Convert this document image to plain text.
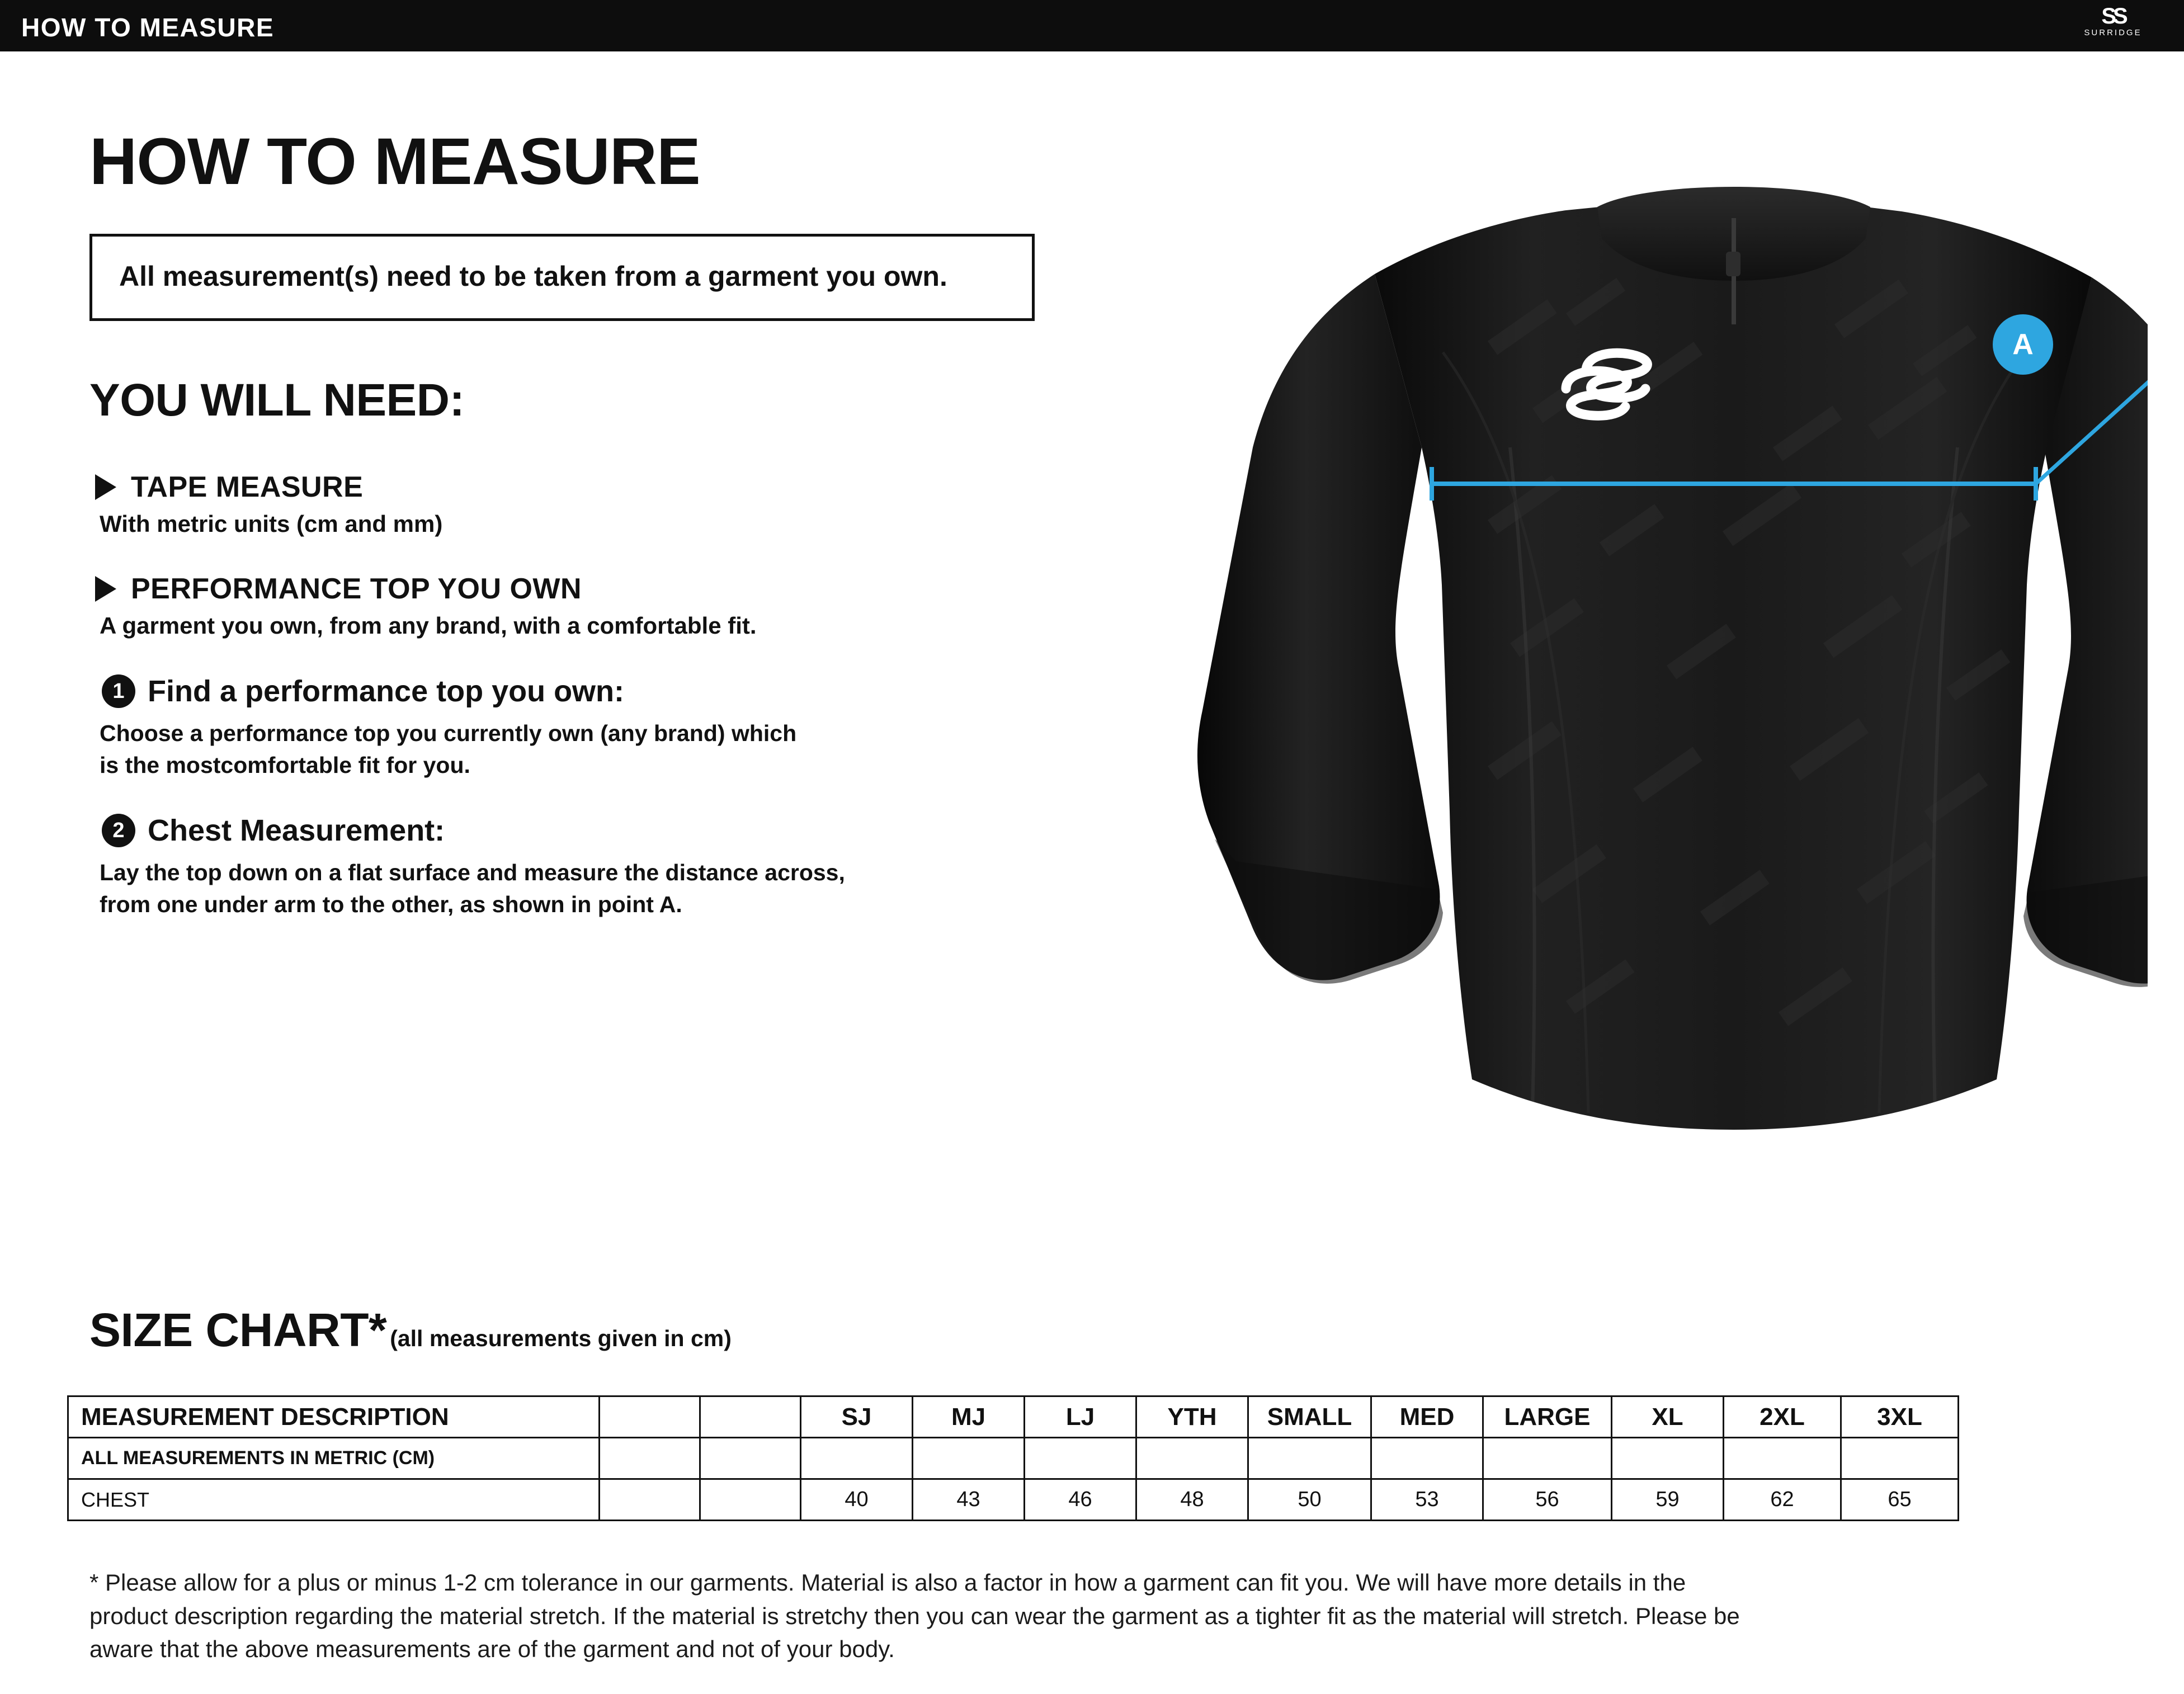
HOW TO MEASURE	SS
SURRIDGE
HOW TO MEASURE

All measurement(s) need to be taken from a garment you own.

YOU WILL NEED:
TAPE MEASURE
With metric units (cm and mm)
PERFORMANCE TOP YOU OWN
A garment you own, from any brand, with a comfortable fit.
1 Find a performance top you own:
Choose a performance top you currently own (any brand) which
is the mostcomfortable fit for you.
2 Chest Measurement:
Lay the top down on a flat surface and measure the distance across,
from one under arm to the other, as shown in point A.
A
SIZE CHART* (all measurements given in cm)
MEASUREMENT DESCRIPTION			SJ	MJ	LJ	YTH	SMALL	MED	LARGE	XL	2XL	3XL
ALL MEASUREMENTS IN METRIC (CM)												
CHEST			40	43	46	48	50	53	56	59	62	65
* Please allow for a plus or minus 1-2 cm tolerance in our garments. Material is also a factor in how a garment can fit you. We will have more details in the product description regarding the material stretch. If the material is stretchy then you can wear the garment as a tighter fit as the material will stretch. Please be aware that the above measurements are of the garment and not of your body.
